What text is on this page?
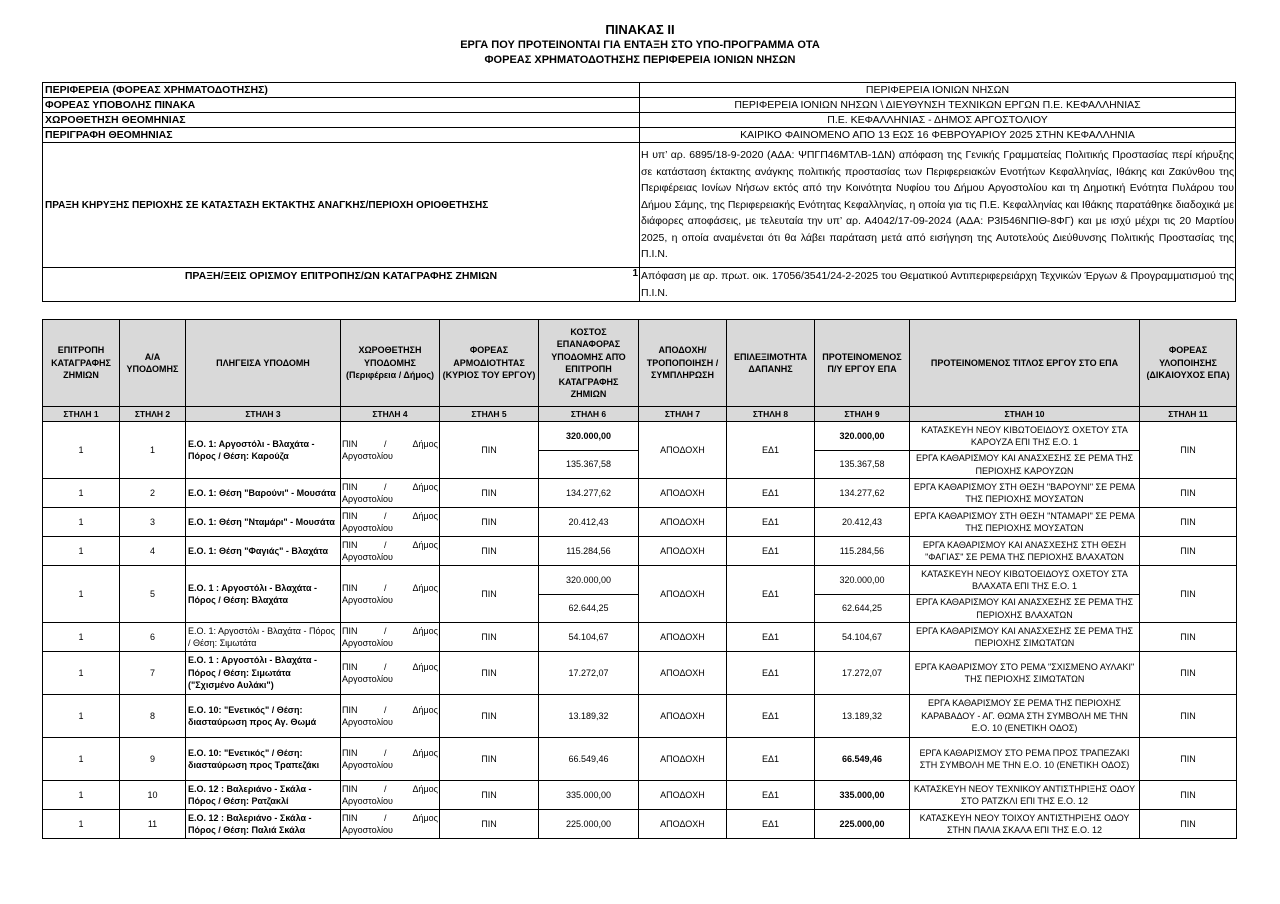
ΠΙΝΑΚΑΣ ΙΙ
ΕΡΓΑ ΠΟΥ ΠΡΟΤΕΙΝΟΝΤΑΙ ΓΙΑ ΕΝΤΑΞΗ ΣΤΟ ΥΠΟ-ΠΡΟΓΡΑΜΜΑ ΟΤΑ
ΦΟΡΕΑΣ ΧΡΗΜΑΤΟΔΟΤΗΣΗΣ ΠΕΡΙΦΕΡΕΙΑ ΙΟΝΙΩΝ ΝΗΣΩΝ
ΠΕΡΙΦΕΡΕΙΑ (ΦΟΡΕΑΣ ΧΡΗΜΑΤΟΔΟΤΗΣΗΣ)	ΠΕΡΙΦΕΡΕΙΑ ΙΟΝΙΩΝ ΝΗΣΩΝ
ΦΟΡΕΑΣ ΥΠΟΒΟΛΗΣ ΠΙΝΑΚΑ	ΠΕΡΙΦΕΡΕΙΑ ΙΟΝΙΩΝ ΝΗΣΩΝ \ ΔΙΕΥΘΥΝΣΗ ΤΕΧΝΙΚΩΝ ΕΡΓΩΝ Π.Ε. ΚΕΦΑΛΛΗΝΙΑΣ
ΧΩΡΟΘΕΤΗΣΗ ΘΕΟΜΗΝΙΑΣ	Π.Ε. ΚΕΦΑΛΛΗΝΙΑΣ - ΔΗΜΟΣ ΑΡΓΟΣΤΟΛΙΟΥ
ΠΕΡΙΓΡΑΦΗ ΘΕΟΜΗΝΙΑΣ	ΚΑΙΡΙΚΟ ΦΑΙΝΟΜΕΝΟ ΑΠΟ 13 ΕΩΣ 16 ΦΕΒΡΟΥΑΡΙΟΥ 2025 ΣΤΗΝ ΚΕΦΑΛΛΗΝΙΑ
ΠΡΑΞΗ ΚΗΡΥΞΗΣ ΠΕΡΙΟΧΗΣ ΣΕ ΚΑΤΑΣΤΑΣΗ ΕΚΤΑΚΤΗΣ ΑΝΑΓΚΗΣ/ΠΕΡΙΟΧΗ ΟΡΙΟΘΕΤΗΣΗΣ	Η υπ’ αρ. 6895/18-9-2020 (ΑΔΑ: ΨΠΓΠ46ΜΤΛΒ-1ΔΝ) απόφαση της Γενικής Γραμματείας Πολιτικής Προστασίας περί κήρυξης σε κατάσταση έκτακτης ανάγκης πολιτικής προστασίας των Περιφερειακών Ενοτήτων Κεφαλληνίας, Ιθάκης και Ζακύνθου της Περιφέρειας Ιονίων Νήσων εκτός από την Κοινότητα Νυφίου του Δήμου Αργοστολίου και τη Δημοτική Ενότητα Πυλάρου του Δήμου Σάμης, της Περιφερειακής Ενότητας Κεφαλληνίας, η οποία για τις Π.Ε. Κεφαλληνίας και Ιθάκης παρατάθηκε διαδοχικά με διάφορες αποφάσεις, με τελευταία την υπ’ αρ. Α4042/17-09-2024 (ΑΔΑ: Ρ3Ι546ΝΠΙΘ-8ΦΓ) και με ισχύ μέχρι τις 20 Μαρτίου 2025, η οποία αναμένεται ότι θα λάβει παράταση μετά από εισήγηση της Αυτοτελούς Διεύθυνσης Πολιτικής Προστασίας της Π.Ι.Ν.
ΠΡΑΞΗ/ΞΕΙΣ ΟΡΙΣΜΟΥ ΕΠΙΤΡΟΠΗΣ/ΩΝ ΚΑΤΑΓΡΑΦΗΣ ΖΗΜΙΩΝ 1	Απόφαση με αρ. πρωτ. οικ. 17056/3541/24-2-2025 του Θεματικού Αντιπεριφερειάρχη Τεχνικών Έργων & Προγραμματισμού της Π.Ι.Ν.
ΕΠΙΤΡΟΠΗ ΚΑΤΑΓΡΑΦΗΣ ΖΗΜΙΩΝ	Α/Α ΥΠΟΔΟΜΗΣ	ΠΛΗΓΕΙΣΑ ΥΠΟΔΟΜΗ	ΧΩΡΟΘΕΤΗΣΗ ΥΠΟΔΟΜΗΣ (Περιφέρεια / Δήμος)	ΦΟΡΕΑΣ ΑΡΜΟΔΙΟΤΗΤΑΣ (ΚΥΡΙΟΣ ΤΟΥ ΕΡΓΟΥ)	ΚΟΣΤΟΣ ΕΠΑΝΑΦΟΡΑΣ ΥΠΟΔΟΜΗΣ ΑΠΌ ΕΠΙΤΡΟΠΗ ΚΑΤΑΓΡΑΦΗΣ ΖΗΜΙΩΝ	ΑΠΟΔΟΧΗ/ ΤΡΟΠΟΠΟΙΗΣΗ / ΣΥΜΠΛΗΡΩΣΗ	ΕΠΙΛΕΞΙΜΟΤΗΤΑ ΔΑΠΑΝΗΣ	ΠΡΟΤΕΙΝΟΜΕΝΟΣ Π/Υ ΕΡΓΟΥ ΕΠΑ	ΠΡΟΤΕΙΝΟΜΕΝΟΣ ΤΙΤΛΟΣ ΕΡΓΟΥ ΣΤΟ ΕΠΑ	ΦΟΡΕΑΣ ΥΛΟΠΟΙΗΣΗΣ (ΔΙΚΑΙΟΥΧΟΣ ΕΠΑ)
ΣΤΗΛΗ 1	ΣΤΗΛΗ 2	ΣΤΗΛΗ 3	ΣΤΗΛΗ 4	ΣΤΗΛΗ 5	ΣΤΗΛΗ 6	ΣΤΗΛΗ 7	ΣΤΗΛΗ 8	ΣΤΗΛΗ 9	ΣΤΗΛΗ 10	ΣΤΗΛΗ 11
1	1	Ε.Ο. 1: Αργοστόλι - Βλαχάτα - Πόρος / Θέση: Καρούζα	ΠΙΝ / Δήμος
Αργοστολίου	ΠΙΝ	320.000,00	ΑΠΟΔΟΧΗ	ΕΔ1	320.000,00	ΚΑΤΑΣΚΕΥΗ ΝΕΟΥ ΚΙΒΩΤΟΕΙΔΟΥΣ ΟΧΕΤΟΥ ΣΤΑ ΚΑΡΟΥΖΑ ΕΠΙ ΤΗΣ Ε.Ο. 1	ΠΙΝ
					135.367,58			135.367,58	ΕΡΓΑ ΚΑΘΑΡΙΣΜΟΥ ΚΑΙ ΑΝΑΣΧΕΣΗΣ ΣΕ ΡΕΜΑ ΤΗΣ ΠΕΡΙΟΧΗΣ ΚΑΡΟΥΖΩΝ	
1	2	Ε.Ο. 1: Θέση "Βαρούνι" - Μουσάτα	ΠΙΝ / Δήμος
Αργοστολίου	ΠΙΝ	134.277,62	ΑΠΟΔΟΧΗ	ΕΔ1	134.277,62	ΕΡΓΑ ΚΑΘΑΡΙΣΜΟΥ ΣΤΗ ΘΕΣΗ "ΒΑΡΟΥΝΙ" ΣΕ ΡΕΜΑ ΤΗΣ ΠΕΡΙΟΧΗΣ ΜΟΥΣΑΤΩΝ	ΠΙΝ
1	3	Ε.Ο. 1: Θέση "Νταμάρι" - Μουσάτα	ΠΙΝ / Δήμος
Αργοστολίου	ΠΙΝ	20.412,43	ΑΠΟΔΟΧΗ	ΕΔ1	20.412,43	ΕΡΓΑ ΚΑΘΑΡΙΣΜΟΥ ΣΤΗ ΘΕΣΗ "ΝΤΑΜΑΡΙ" ΣΕ ΡΕΜΑ ΤΗΣ ΠΕΡΙΟΧΗΣ ΜΟΥΣΑΤΩΝ	ΠΙΝ
1	4	Ε.Ο. 1: Θέση "Φαγιάς" - Βλαχάτα	ΠΙΝ / Δήμος
Αργοστολίου	ΠΙΝ	115.284,56	ΑΠΟΔΟΧΗ	ΕΔ1	115.284,56	ΕΡΓΑ ΚΑΘΑΡΙΣΜΟΥ ΚΑΙ ΑΝΑΣΧΕΣΗΣ ΣΤΗ ΘΕΣΗ "ΦΑΓΙΑΣ" ΣΕ ΡΕΜΑ ΤΗΣ ΠΕΡΙΟΧΗΣ ΒΛΑΧΑΤΩΝ	ΠΙΝ
1	5	Ε.Ο. 1 : Αργοστόλι - Βλαχάτα - Πόρος / Θέση: Βλαχάτα	ΠΙΝ / Δήμος
Αργοστολίου	ΠΙΝ	320.000,00	ΑΠΟΔΟΧΗ	ΕΔ1	320.000,00	ΚΑΤΑΣΚΕΥΗ ΝΕΟΥ ΚΙΒΩΤΟΕΙΔΟΥΣ ΟΧΕΤΟΥ ΣΤΑ ΒΛΑΧΑΤΑ ΕΠΙ ΤΗΣ Ε.Ο. 1	ΠΙΝ
					62.644,25			62.644,25	ΕΡΓΑ ΚΑΘΑΡΙΣΜΟΥ ΚΑΙ ΑΝΑΣΧΕΣΗΣ ΣΕ ΡΕΜΑ ΤΗΣ ΠΕΡΙΟΧΗΣ ΒΛΑΧΑΤΩΝ	
1	6	Ε.Ο. 1: Αργοστόλι - Βλαχάτα - Πόρος / Θέση: Σιμωτάτα	ΠΙΝ / Δήμος
Αργοστολίου	ΠΙΝ	54.104,67	ΑΠΟΔΟΧΗ	ΕΔ1	54.104,67	ΕΡΓΑ ΚΑΘΑΡΙΣΜΟΥ ΚΑΙ ΑΝΑΣΧΕΣΗΣ ΣΕ ΡΕΜΑ ΤΗΣ ΠΕΡΙΟΧΗΣ ΣΙΜΩΤΑΤΩΝ	ΠΙΝ
1	7	Ε.Ο. 1 : Αργοστόλι - Βλαχάτα - Πόρος / Θέση: Σιμωτάτα ("Σχισμένο Αυλάκι")	ΠΙΝ / Δήμος
Αργοστολίου	ΠΙΝ	17.272,07	ΑΠΟΔΟΧΗ	ΕΔ1	17.272,07	ΕΡΓΑ ΚΑΘΑΡΙΣΜΟΥ ΣΤΟ ΡΕΜΑ "ΣΧΙΣΜΕΝΟ ΑΥΛΑΚΙ" ΤΗΣ ΠΕΡΙΟΧΗΣ ΣΙΜΩΤΑΤΩΝ	ΠΙΝ
1	8	Ε.Ο. 10: "Ενετικός" / Θέση: διασταύρωση προς Αγ. Θωμά	ΠΙΝ / Δήμος
Αργοστολίου	ΠΙΝ	13.189,32	ΑΠΟΔΟΧΗ	ΕΔ1	13.189,32	ΕΡΓΑ ΚΑΘΑΡΙΣΜΟΥ ΣΕ ΡΕΜΑ ΤΗΣ ΠΕΡΙΟΧΗΣ ΚΑΡΑΒΑΔΟΥ - ΑΓ. ΘΩΜΑ ΣΤΗ ΣΥΜΒΟΛΗ ΜΕ ΤΗΝ Ε.Ο. 10 (ΕΝΕΤΙΚΗ ΟΔΟΣ)	ΠΙΝ
1	9	Ε.Ο. 10: "Ενετικός" / Θέση: διασταύρωση προς Τραπεζάκι	ΠΙΝ / Δήμος
Αργοστολίου	ΠΙΝ	66.549,46	ΑΠΟΔΟΧΗ	ΕΔ1	66.549,46	ΕΡΓΑ ΚΑΘΑΡΙΣΜΟΥ ΣΤΟ ΡΕΜΑ ΠΡΟΣ ΤΡΑΠΕΖΑΚΙ ΣΤΗ ΣΥΜΒΟΛΗ ΜΕ ΤΗΝ Ε.Ο. 10 (ΕΝΕΤΙΚΗ ΟΔΟΣ)	ΠΙΝ
1	10	Ε.Ο. 12 : Βαλεριάνο - Σκάλα - Πόρος / Θέση: Ρατζακλί	ΠΙΝ / Δήμος
Αργοστολίου	ΠΙΝ	335.000,00	ΑΠΟΔΟΧΗ	ΕΔ1	335.000,00	ΚΑΤΑΣΚΕΥΗ ΝΕΟΥ ΤΕΧΝΙΚΟΥ ΑΝΤΙΣΤΗΡΙΞΗΣ ΟΔΟΥ ΣΤΟ ΡΑΤΖΚΛΙ ΕΠΙ ΤΗΣ Ε.Ο. 12	ΠΙΝ
1	11	Ε.Ο. 12 : Βαλεριάνο - Σκάλα - Πόρος / Θέση: Παλιά Σκάλα	ΠΙΝ / Δήμος
Αργοστολίου	ΠΙΝ	225.000,00	ΑΠΟΔΟΧΗ	ΕΔ1	225.000,00	ΚΑΤΑΣΚΕΥΗ ΝΕΟΥ ΤΟΙΧΟΥ ΑΝΤΙΣΤΗΡΙΞΗΣ ΟΔΟΥ ΣΤΗΝ ΠΑΛΙΑ ΣΚΑΛΑ ΕΠΙ ΤΗΣ Ε.Ο. 12	ΠΙΝ
